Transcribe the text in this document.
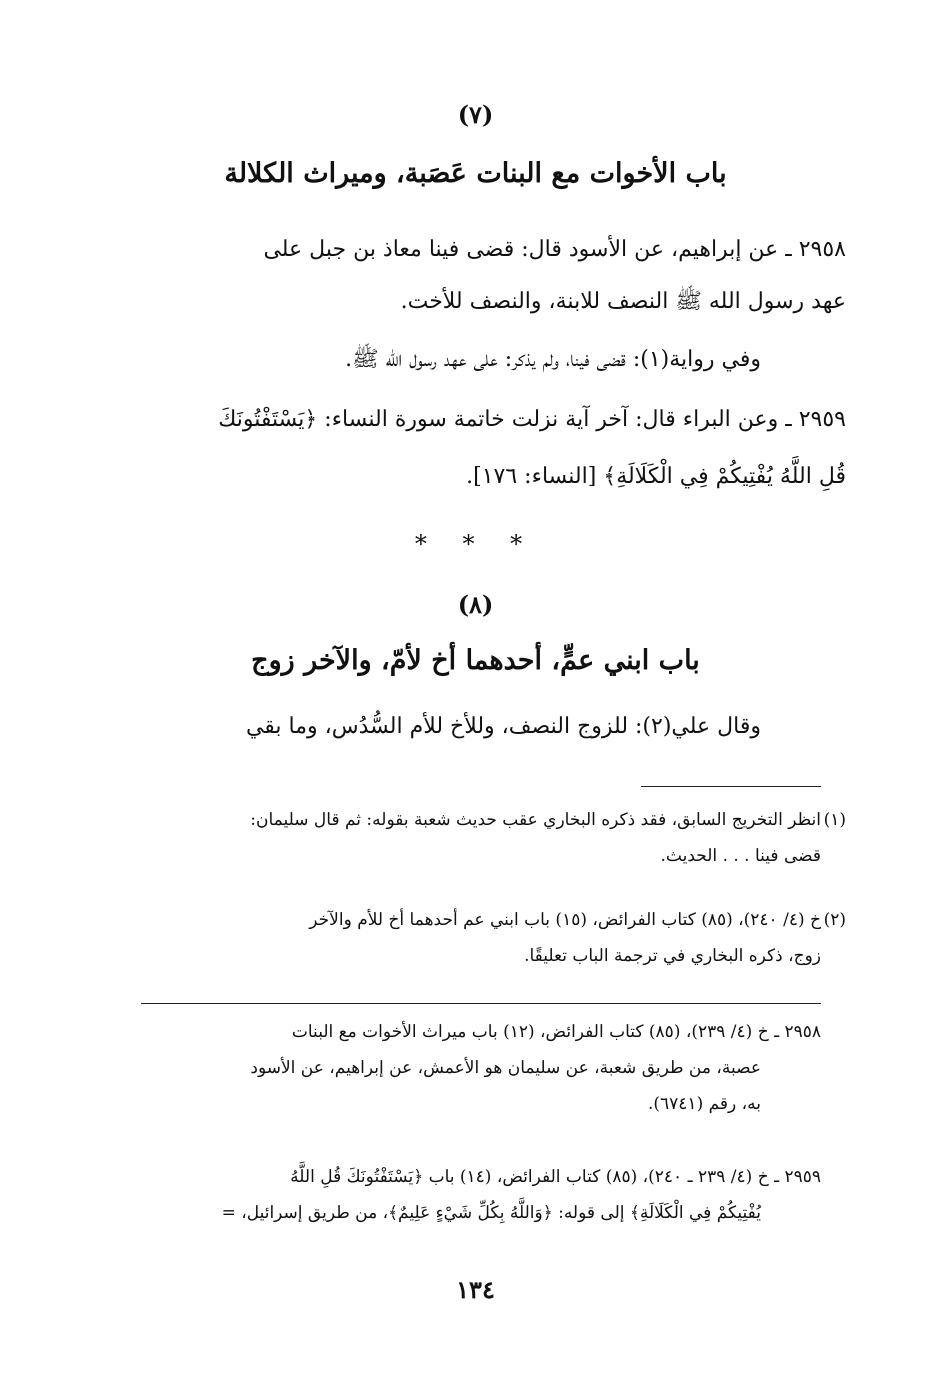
(٧)
باب الأخوات مع البنات عَصَبة، وميراث الكلالة
٢٩٥٨ ـ عن إبراهيم، عن الأسود قال: قضى فينا معاذ بن جبل على
عهد رسول الله ﷺ النصف للابنة، والنصف للأخت.
وفي رواية(١): قضى فينا، ولم يذكر: على عهد رسول الله ﷺ.
٢٩٥٩ ـ وعن البراء قال: آخر آية نزلت خاتمة سورة النساء: ﴿يَسْتَفْتُونَكَ
قُلِ اللَّهُ يُفْتِيكُمْ فِي الْكَلَالَةِ﴾ [النساء: ١٧٦].
* * *
(٨)
باب ابني عمٍّ، أحدهما أخ لأمّ، والآخر زوج
وقال علي(٢): للزوج النصف، وللأخ للأم السُّدُس، وما بقي
(١)
انظر التخريج السابق، فقد ذكره البخاري عقب حديث شعبة بقوله: ثم قال سليمان:
قضى فينا . . . الحديث.
(٢)
خ (٤/ ٢٤٠)، (٨٥) كتاب الفرائض، (١٥) باب ابني عم أحدهما أخ للأم والآخر
زوج، ذكره البخاري في ترجمة الباب تعليقًا.
٢٩٥٨ ـ خ (٤/ ٢٣٩)، (٨٥) كتاب الفرائض، (١٢) باب ميراث الأخوات مع البنات
عصبة، من طريق شعبة، عن سليمان هو الأعمش، عن إبراهيم، عن الأسود
به، رقم (٦٧٤١).
٢٩٥٩ ـ خ (٤/ ٢٣٩ ـ ٢٤٠)، (٨٥) كتاب الفرائض، (١٤) باب ﴿يَسْتَفْتُونَكَ قُلِ اللَّهُ
يُفْتِيكُمْ فِي الْكَلَالَةِ﴾ إلى قوله: ﴿وَاللَّهُ بِكُلِّ شَيْءٍ عَلِيمٌ﴾، من طريق إسرائيل، =
١٣٤
